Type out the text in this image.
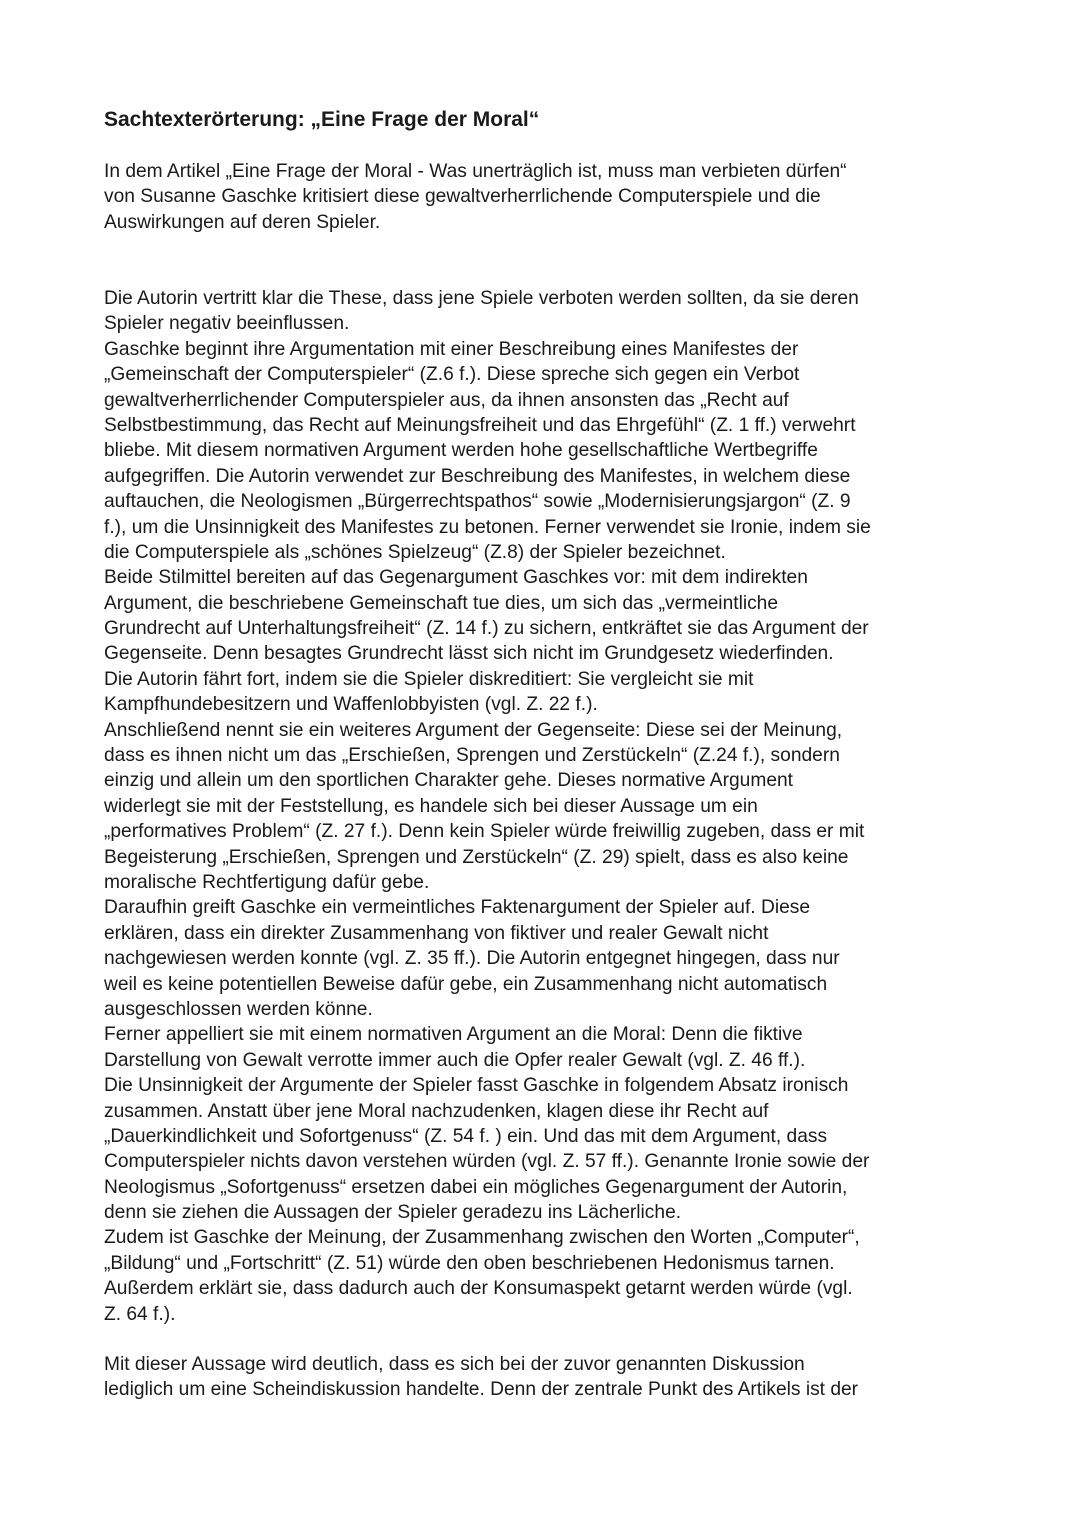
Sachtexterörterung: „Eine Frage der Moral“
In dem Artikel „Eine Frage der Moral - Was unerträglich ist, muss man verbieten dürfen“
von Susanne Gaschke kritisiert diese gewaltverherrlichende Computerspiele und die
Auswirkungen auf deren Spieler.
Die Autorin vertritt klar die These, dass jene Spiele verboten werden sollten, da sie deren
Spieler negativ beeinflussen.
Gaschke beginnt ihre Argumentation mit einer Beschreibung eines Manifestes der
„Gemeinschaft der Computerspieler“ (Z.6 f.). Diese spreche sich gegen ein Verbot
gewaltverherrlichender Computerspieler aus, da ihnen ansonsten das „Recht auf
Selbstbestimmung, das Recht auf Meinungsfreiheit und das Ehrgefühl“ (Z. 1 ff.) verwehrt
bliebe. Mit diesem normativen Argument werden hohe gesellschaftliche Wertbegriffe
aufgegriffen. Die Autorin verwendet zur Beschreibung des Manifestes, in welchem diese
auftauchen, die Neologismen „Bürgerrechtspathos“ sowie „Modernisierungsjargon“ (Z. 9
f.), um die Unsinnigkeit des Manifestes zu betonen. Ferner verwendet sie Ironie, indem sie
die Computerspiele als „schönes Spielzeug“ (Z.8) der Spieler bezeichnet.
Beide Stilmittel bereiten auf das Gegenargument Gaschkes vor: mit dem indirekten
Argument, die beschriebene Gemeinschaft tue dies, um sich das „vermeintliche
Grundrecht auf Unterhaltungsfreiheit“ (Z. 14 f.) zu sichern, entkräftet sie das Argument der
Gegenseite. Denn besagtes Grundrecht lässt sich nicht im Grundgesetz wiederfinden.
Die Autorin fährt fort, indem sie die Spieler diskreditiert: Sie vergleicht sie mit
Kampfhundebesitzern und Waffenlobbyisten (vgl. Z. 22 f.).
Anschließend nennt sie ein weiteres Argument der Gegenseite: Diese sei der Meinung,
dass es ihnen nicht um das „Erschießen, Sprengen und Zerstückeln“ (Z.24 f.), sondern
einzig und allein um den sportlichen Charakter gehe. Dieses normative Argument
widerlegt sie mit der Feststellung, es handele sich bei dieser Aussage um ein
„performatives Problem“ (Z. 27 f.). Denn kein Spieler würde freiwillig zugeben, dass er mit
Begeisterung „Erschießen, Sprengen und Zerstückeln“ (Z. 29) spielt, dass es also keine
moralische Rechtfertigung dafür gebe.
Daraufhin greift Gaschke ein vermeintliches Faktenargument der Spieler auf. Diese
erklären, dass ein direkter Zusammenhang von fiktiver und realer Gewalt nicht
nachgewiesen werden konnte (vgl. Z. 35 ff.). Die Autorin entgegnet hingegen, dass nur
weil es keine potentiellen Beweise dafür gebe, ein Zusammenhang nicht automatisch
ausgeschlossen werden könne.
Ferner appelliert sie mit einem normativen Argument an die Moral: Denn die fiktive
Darstellung von Gewalt verrotte immer auch die Opfer realer Gewalt (vgl. Z. 46 ff.).
Die Unsinnigkeit der Argumente der Spieler fasst Gaschke in folgendem Absatz ironisch
zusammen. Anstatt über jene Moral nachzudenken, klagen diese ihr Recht auf
„Dauerkindlichkeit und Sofortgenuss“ (Z. 54 f. ) ein. Und das mit dem Argument, dass
Computerspieler nichts davon verstehen würden (vgl. Z. 57 ff.). Genannte Ironie sowie der
Neologismus „Sofortgenuss“ ersetzen dabei ein mögliches Gegenargument der Autorin,
denn sie ziehen die Aussagen der Spieler geradezu ins Lächerliche.
Zudem ist Gaschke der Meinung, der Zusammenhang zwischen den Worten „Computer“,
„Bildung“ und „Fortschritt“ (Z. 51) würde den oben beschriebenen Hedonismus tarnen.
Außerdem erklärt sie, dass dadurch auch der Konsumaspekt getarnt werden würde (vgl.
Z. 64 f.).
Mit dieser Aussage wird deutlich, dass es sich bei der zuvor genannten Diskussion
lediglich um eine Scheindiskussion handelte. Denn der zentrale Punkt des Artikels ist der
